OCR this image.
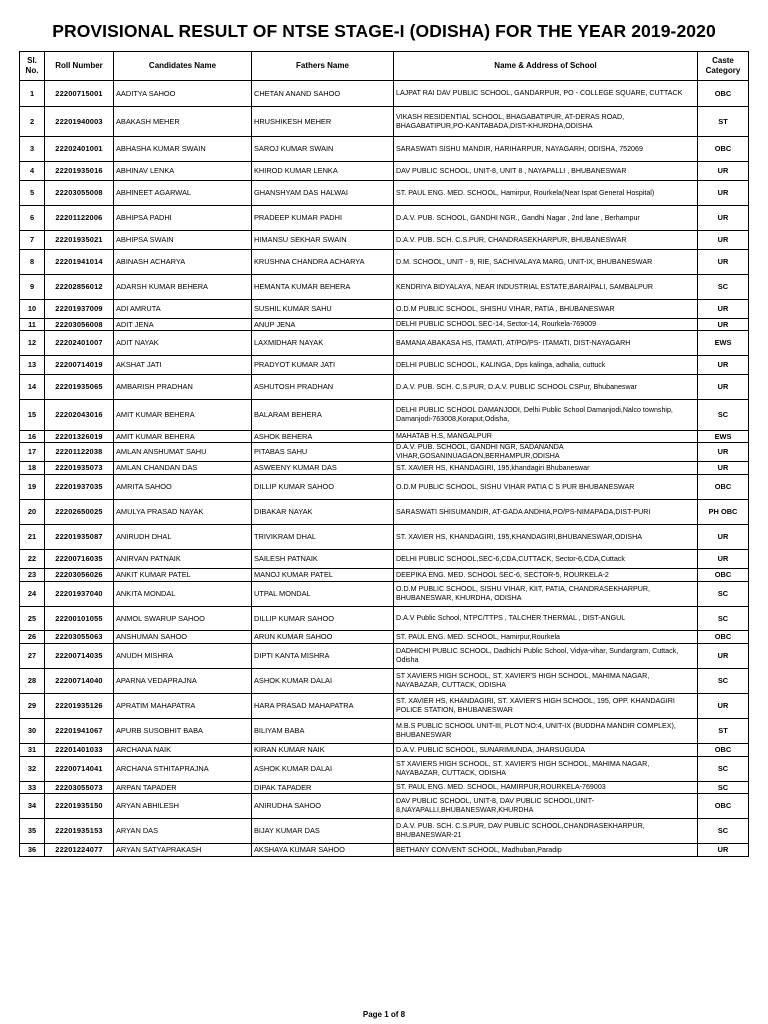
PROVISIONAL RESULT OF NTSE STAGE-I (ODISHA) FOR THE YEAR 2019-2020
Sl. No.	Roll Number	Candidates Name	Fathers Name	Name & Address of School	Caste Category
1	22200715001	AADITYA SAHOO	CHETAN ANAND SAHOO	LAJPAT RAI DAV PUBLIC SCHOOL, GANDARPUR, PO - COLLEGE SQUARE, CUTTACK	OBC
2	22201940003	ABAKASH MEHER	HRUSHIKESH MEHER	VIKASH RESIDENTIAL SCHOOL, BHAGABATIPUR, AT-DERAS ROAD, BHAGABATIPUR,PO-KANTABADA,DIST-KHURDHA,ODISHA	ST
3	22202401001	ABHASHA KUMAR SWAIN	SAROJ KUMAR SWAIN	SARASWATI SISHU MANDIR, HARIHARPUR, NAYAGARH, ODISHA, 752069	OBC
4	22201935016	ABHINAV LENKA	KHIROD KUMAR LENKA	DAV PUBLIC SCHOOL, UNIT-8, UNIT 8 , NAYAPALLI , BHUBANESWAR	UR
5	22203055008	ABHINEET AGARWAL	GHANSHYAM DAS HALWAI	ST. PAUL ENG. MED. SCHOOL, Hamirpur, Rourkela(Near Ispat General Hospital)	UR
6	22201122006	ABHIPSA PADHI	PRADEEP KUMAR PADHI	D.A.V. PUB. SCHOOL, GANDHI NGR., Gandhi Nagar , 2nd lane , Berhampur	UR
7	22201935021	ABHIPSA SWAIN	HIMANSU SEKHAR SWAIN	D.A.V. PUB. SCH. C.S.PUR, CHANDRASEKHARPUR, BHUBANESWAR	UR
8	22201941014	ABINASH ACHARYA	KRUSHNA CHANDRA ACHARYA	D.M. SCHOOL, UNIT - 9, RIE, SACHIVALAYA MARG, UNIT-IX, BHUBANESWAR	UR
9	22202856012	ADARSH KUMAR BEHERA	HEMANTA KUMAR BEHERA	KENDRIYA BIDYALAYA, NEAR INDUSTRIAL ESTATE,BARAIPALI, SAMBALPUR	SC
10	22201937009	ADI AMRUTA	SUSHIL KUMAR SAHU	O.D.M PUBLIC SCHOOL, SHISHU VIHAR, PATIA , BHUBANESWAR	UR
11	22203056008	ADIT JENA	ANUP JENA	DELHI PUBLIC SCHOOL SEC-14, Sector-14, Rourkela-769009	UR
12	22202401007	ADIT NAYAK	LAXMIDHAR NAYAK	BAMANA ABAKASA HS, ITAMATI, AT/PO/PS- ITAMATI, DIST-NAYAGARH	EWS
13	22200714019	AKSHAT JATI	PRADYOT KUMAR JATI	DELHI PUBLIC SCHOOL, KALINGA, Dps kalinga, adhalia, cuttuck	UR
14	22201935065	AMBARISH PRADHAN	ASHUTOSH PRADHAN	D.A.V. PUB. SCH. C.S.PUR, D.A.V. PUBLIC SCHOOL CSPur, Bhubaneswar	UR
15	22202043016	AMIT KUMAR BEHERA	BALARAM BEHERA	DELHI PUBLIC SCHOOL DAMANJODI, Delhi Public School Damanjodi,Nalco township, Damanjodi-763008,Koraput,Odisha,	SC
16	22201326019	AMIT KUMAR BEHERA	ASHOK BEHERA	MAHATAB H.S, MANGALPUR	EWS
17	22201122038	AMLAN ANSHUMAT SAHU	PITABAS SAHU	D.A.V. PUB. SCHOOL, GANDHI NGR, SADANANDA VIHAR,GOSANINUAGAON,BERHAMPUR,ODISHA	UR
18	22201935073	AMLAN CHANDAN DAS	ASWEENY KUMAR DAS	ST. XAVIER HS, KHANDAGIRI, 195,khandagiri Bhubaneswar	UR
19	22201937035	AMRITA SAHOO	DILLIP KUMAR SAHOO	O.D.M PUBLIC SCHOOL, SISHU VIHAR PATIA C S PUR BHUBANESWAR	OBC
20	22202650025	AMULYA PRASAD NAYAK	DIBAKAR NAYAK	SARASWATI SHISUMANDIR, AT-GADA ANDHIA,PO/PS-NIMAPADA,DIST-PURI	PH OBC
21	22201935087	ANIRUDH DHAL	TRIVIKRAM DHAL	ST. XAVIER HS, KHANDAGIRI, 195,KHANDAGIRI,BHUBANESWAR,ODISHA	UR
22	22200716035	ANIRVAN PATNAIK	SAILESH PATNAIK	DELHI PUBLIC SCHOOL,SEC-6,CDA,CUTTACK, Sector-6,CDA,Cuttack	UR
23	22203056026	ANKIT KUMAR PATEL	MANOJ KUMAR PATEL	DEEPIKA ENG. MED. SCHOOL SEC-6, SECTOR-5, ROURKELA-2	OBC
24	22201937040	ANKITA MONDAL	UTPAL MONDAL	O.D.M PUBLIC SCHOOL, SISHU VIHAR, KIIT, PATIA, CHANDRASEKHARPUR, BHUBANESWAR, KHURDHA, ODISHA	SC
25	22200101055	ANMOL SWARUP SAHOO	DILLIP KUMAR SAHOO	D.A.V Public School, NTPC/TTPS , TALCHER THERMAL , DIST-ANGUL	SC
26	22203055063	ANSHUMAN SAHOO	ARUN KUMAR SAHOO	ST. PAUL ENG. MED. SCHOOL, Hamirpur,Rourkela	OBC
27	22200714035	ANUDH MISHRA	DIPTI KANTA MISHRA	DADHICHI PUBLIC SCHOOL, Dadhichi Public School, Vidya-vihar, Sundargram, Cuttack, Odisha	UR
28	22200714040	APARNA VEDAPRAJNA	ASHOK KUMAR DALAI	ST XAVIERS HIGH SCHOOL, ST. XAVIER'S HIGH SCHOOL, MAHIMA NAGAR, NAYABAZAR, CUTTACK, ODISHA	SC
29	22201935126	APRATIM MAHAPATRA	HARA PRASAD MAHAPATRA	ST. XAVIER HS, KHANDAGIRI, ST. XAVIER'S HIGH SCHOOL, 195, OPP. KHANDAGIRI POLICE STATION, BHUBANESWAR	UR
30	22201941067	APURB SUSOBHIT BABA	BILIYAM BABA	M.B.S PUBLIC SCHOOL UNIT-III, PLOT NO:4, UNIT-IX (BUDDHA MANDIR COMPLEX), BHUBANESWAR	ST
31	22201401033	ARCHANA NAIK	KIRAN KUMAR NAIK	D.A.V. PUBLIC SCHOOL, SUNARIMUNDA, JHARSUGUDA	OBC
32	22200714041	ARCHANA STHITAPRAJNA	ASHOK KUMAR DALAI	ST XAVIERS HIGH SCHOOL, ST. XAVIER'S HIGH SCHOOL, MAHIMA NAGAR, NAYABAZAR, CUTTACK, ODISHA	SC
33	22203055073	ARPAN TAPADER	DIPAK TAPADER	ST. PAUL ENG. MED. SCHOOL, HAMIRPUR,ROURKELA-769003	SC
34	22201935150	ARYAN ABHILESH	ANIRUDHA SAHOO	DAV PUBLIC SCHOOL, UNIT-8, DAV PUBLIC SCHOOL,UNIT-8,NAYAPALLI,BHUBANESWAR,KHURDHA	OBC
35	22201935153	ARYAN DAS	BIJAY KUMAR DAS	D.A.V. PUB. SCH. C.S.PUR, DAV PUBLIC SCHOOL,CHANDRASEKHARPUR, BHUBANESWAR-21	SC
36	22201224077	ARYAN SATYAPRAKASH	AKSHAYA KUMAR SAHOO	BETHANY CONVENT SCHOOL, Madhuban,Paradip	UR
Page 1 of 8
